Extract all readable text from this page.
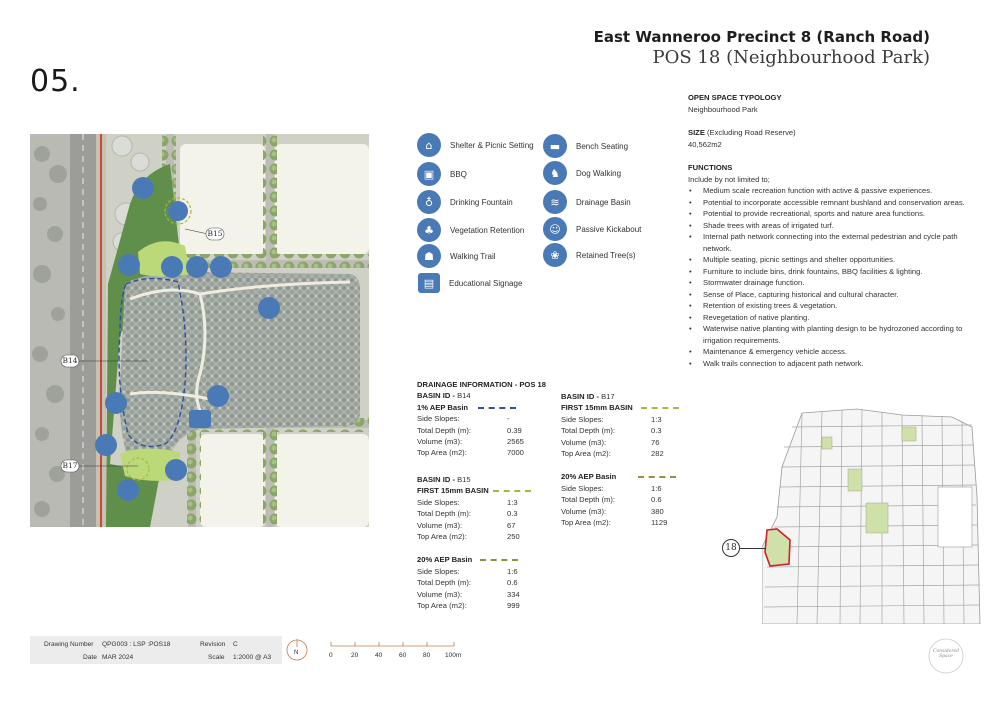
05.
East Wanneroo Precinct 8 (Ranch Road)
POS 18 (Neighbourhood Park)
B15
B14
B17
⌂	Shelter & Picnic Setting	▬	Bench Seating
▣	BBQ	♞	Dog Walking
♁	Drinking Fountain	≋	Drainage Basin
♣	Vegetation Retention	☺	Passive Kickabout
☗	Walking Trail	❀	Retained Tree(s)
▤	Educational Signage
DRAINAGE INFORMATION - POS 18
BASIN ID - B14
1% AEP Basin
Side Slopes:	-
Total Depth (m):	0.39
Volume (m3):	2565
Top Area (m2):	7000
BASIN ID - B15
FIRST 15mm BASIN
Side Slopes:	1:3
Total Depth (m):	0.3
Volume (m3):	67
Top Area (m2):	250
20% AEP Basin
Side Slopes:	1:6
Total Depth (m):	0.6
Volume (m3):	334
Top Area (m2):	999
BASIN ID - B17
FIRST 15mm BASIN
Side Slopes:	1:3
Total Depth (m):	0.3
Volume (m3):	76
Top Area (m2):	282
20% AEP Basin
Side Slopes:	1:6
Total Depth (m):	0.6
Volume (m3):	380
Top Area (m2):	1129
OPEN SPACE TYPOLOGY
Neighbourhood Park
SIZE (Excluding Road Reserve)
40,562m2
FUNCTIONS
Include by not limited to;
• Medium scale recreation function with active & passive experiences.
• Potential to incorporate accessible remnant bushland and conservation areas.
• Potential to provide recreational, sports and nature area functions.
• Shade trees with areas of irrigated turf.
• Internal path network connecting into the external pedestrian and cycle path network.
• Multiple seating, picnic settings and shelter opportunities.
• Furniture to include bins, drink fountains, BBQ facilities & lighting.
• Stormwater drainage function.
• Sense of Place, capturing historical and cultural character.
• Retention of existing trees & vegetation.
• Revegetation of native planting.
• Waterwise native planting with planting design to be hydrozoned according to irrigation requirements.
• Maintenance & emergency vehicle access.
• Walk trails connection to adjacent path network.
18
Drawing Number QPG003 : LSP :POS18	Revision C
Date MAR 2024	Scale 1:2000 @ A3
N	0	20	40	60	80 100m
Considered Space
